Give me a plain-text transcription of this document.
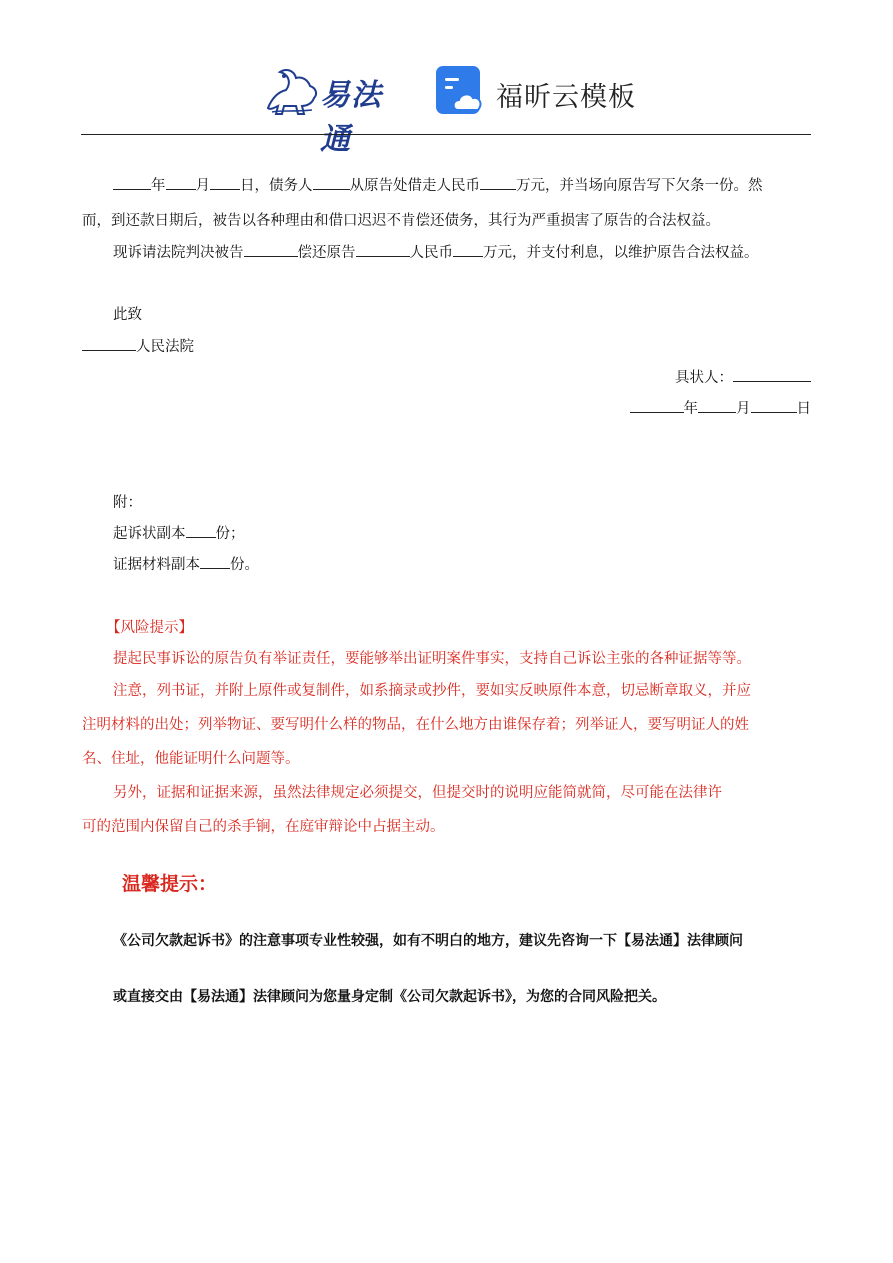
易法通
福昕云模板
年 月 日，债务人	从原告处借走人民币 万元，并当场向原告写下欠条一份。然
而，到还款日期后，被告以各种理由和借口迟迟不肯偿还债务，其行为严重损害了原告的合法权益。
现诉请法院判决被告	偿还原告	人民币 万元，并支付利息，以维护原告合法权益。
此致
人民法院
具状人：
年	月	日
附：
起诉状副本 份；
证据材料副本 份。
【风险提示】
提起民事诉讼的原告负有举证责任，要能够举出证明案件事实，支持自己诉讼主张的各种证据等等。
注意，列书证，并附上原件或复制件，如系摘录或抄件，要如实反映原件本意，切忌断章取义，并应
注明材料的出处；列举物证、要写明什么样的物品，在什么地方由谁保存着；列举证人，要写明证人的姓
名、住址，他能证明什么问题等。
另外，证据和证据来源，虽然法律规定必须提交，但提交时的说明应能简就简，尽可能在法律许
可的范围内保留自己的杀手锏，在庭审辩论中占据主动。
温馨提示：
《公司欠款起诉书》的注意事项专业性较强，如有不明白的地方，建议先咨询一下【易法通】法律顾问
或直接交由【易法通】法律顾问为您量身定制《公司欠款起诉书》，为您的合同风险把关。
